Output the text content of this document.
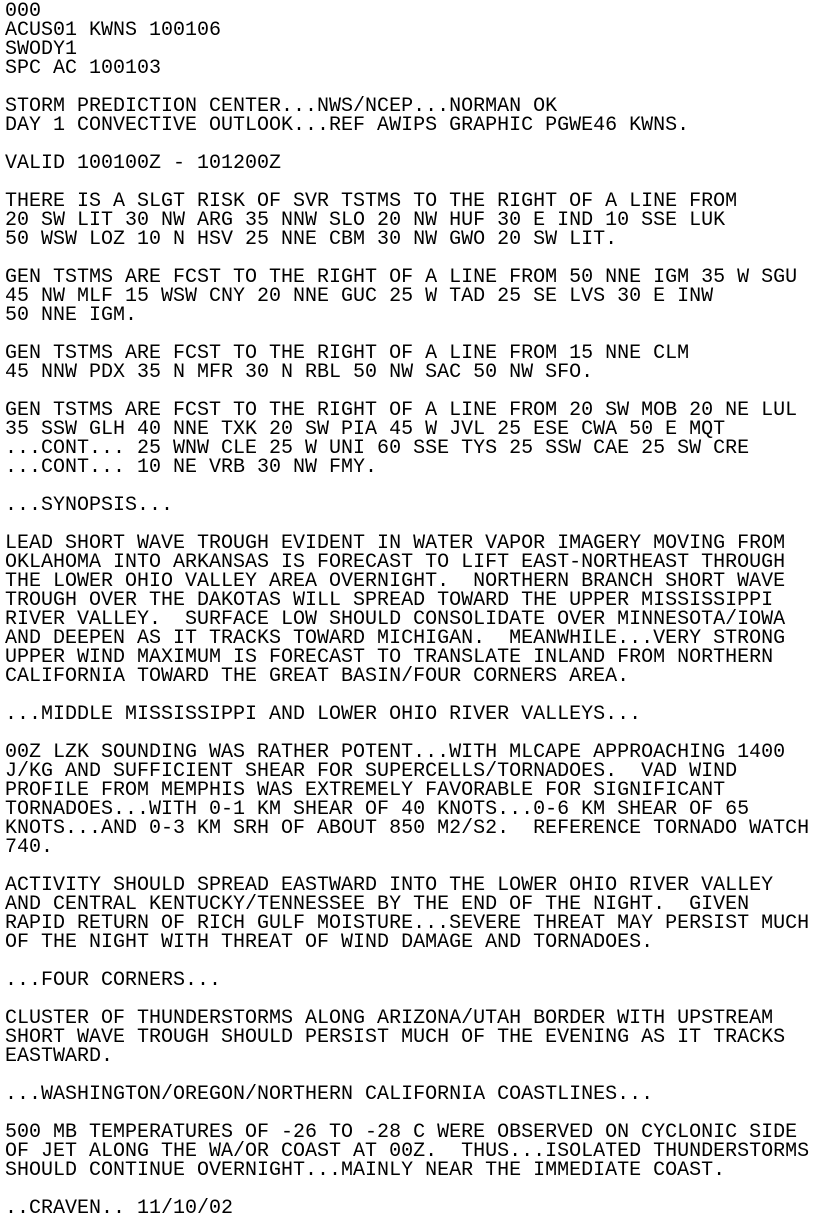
000
ACUS01 KWNS 100106
SWODY1
SPC AC 100103
STORM PREDICTION CENTER...NWS/NCEP...NORMAN OK
DAY 1 CONVECTIVE OUTLOOK...REF AWIPS GRAPHIC PGWE46 KWNS.
VALID 100100Z - 101200Z
THERE IS A SLGT RISK OF SVR TSTMS TO THE RIGHT OF A LINE FROM
20 SW LIT 30 NW ARG 35 NNW SLO 20 NW HUF 30 E IND 10 SSE LUK
50 WSW LOZ 10 N HSV 25 NNE CBM 30 NW GWO 20 SW LIT.
GEN TSTMS ARE FCST TO THE RIGHT OF A LINE FROM 50 NNE IGM 35 W SGU
45 NW MLF 15 WSW CNY 20 NNE GUC 25 W TAD 25 SE LVS 30 E INW
50 NNE IGM.
GEN TSTMS ARE FCST TO THE RIGHT OF A LINE FROM 15 NNE CLM
45 NNW PDX 35 N MFR 30 N RBL 50 NW SAC 50 NW SFO.
GEN TSTMS ARE FCST TO THE RIGHT OF A LINE FROM 20 SW MOB 20 NE LUL
35 SSW GLH 40 NNE TXK 20 SW PIA 45 W JVL 25 ESE CWA 50 E MQT
...CONT... 25 WNW CLE 25 W UNI 60 SSE TYS 25 SSW CAE 25 SW CRE
...CONT... 10 NE VRB 30 NW FMY.
...SYNOPSIS...
LEAD SHORT WAVE TROUGH EVIDENT IN WATER VAPOR IMAGERY MOVING FROM
OKLAHOMA INTO ARKANSAS IS FORECAST TO LIFT EAST-NORTHEAST THROUGH
THE LOWER OHIO VALLEY AREA OVERNIGHT.  NORTHERN BRANCH SHORT WAVE
TROUGH OVER THE DAKOTAS WILL SPREAD TOWARD THE UPPER MISSISSIPPI
RIVER VALLEY.  SURFACE LOW SHOULD CONSOLIDATE OVER MINNESOTA/IOWA
AND DEEPEN AS IT TRACKS TOWARD MICHIGAN.  MEANWHILE...VERY STRONG
UPPER WIND MAXIMUM IS FORECAST TO TRANSLATE INLAND FROM NORTHERN
CALIFORNIA TOWARD THE GREAT BASIN/FOUR CORNERS AREA.
...MIDDLE MISSISSIPPI AND LOWER OHIO RIVER VALLEYS...
00Z LZK SOUNDING WAS RATHER POTENT...WITH MLCAPE APPROACHING 1400
J/KG AND SUFFICIENT SHEAR FOR SUPERCELLS/TORNADOES.  VAD WIND
PROFILE FROM MEMPHIS WAS EXTREMELY FAVORABLE FOR SIGNIFICANT
TORNADOES...WITH 0-1 KM SHEAR OF 40 KNOTS...0-6 KM SHEAR OF 65
KNOTS...AND 0-3 KM SRH OF ABOUT 850 M2/S2.  REFERENCE TORNADO WATCH
740.
ACTIVITY SHOULD SPREAD EASTWARD INTO THE LOWER OHIO RIVER VALLEY
AND CENTRAL KENTUCKY/TENNESSEE BY THE END OF THE NIGHT.  GIVEN
RAPID RETURN OF RICH GULF MOISTURE...SEVERE THREAT MAY PERSIST MUCH
OF THE NIGHT WITH THREAT OF WIND DAMAGE AND TORNADOES.
...FOUR CORNERS...
CLUSTER OF THUNDERSTORMS ALONG ARIZONA/UTAH BORDER WITH UPSTREAM
SHORT WAVE TROUGH SHOULD PERSIST MUCH OF THE EVENING AS IT TRACKS
EASTWARD.
...WASHINGTON/OREGON/NORTHERN CALIFORNIA COASTLINES...
500 MB TEMPERATURES OF -26 TO -28 C WERE OBSERVED ON CYCLONIC SIDE
OF JET ALONG THE WA/OR COAST AT 00Z.  THUS...ISOLATED THUNDERSTORMS
SHOULD CONTINUE OVERNIGHT...MAINLY NEAR THE IMMEDIATE COAST.
..CRAVEN.. 11/10/02
